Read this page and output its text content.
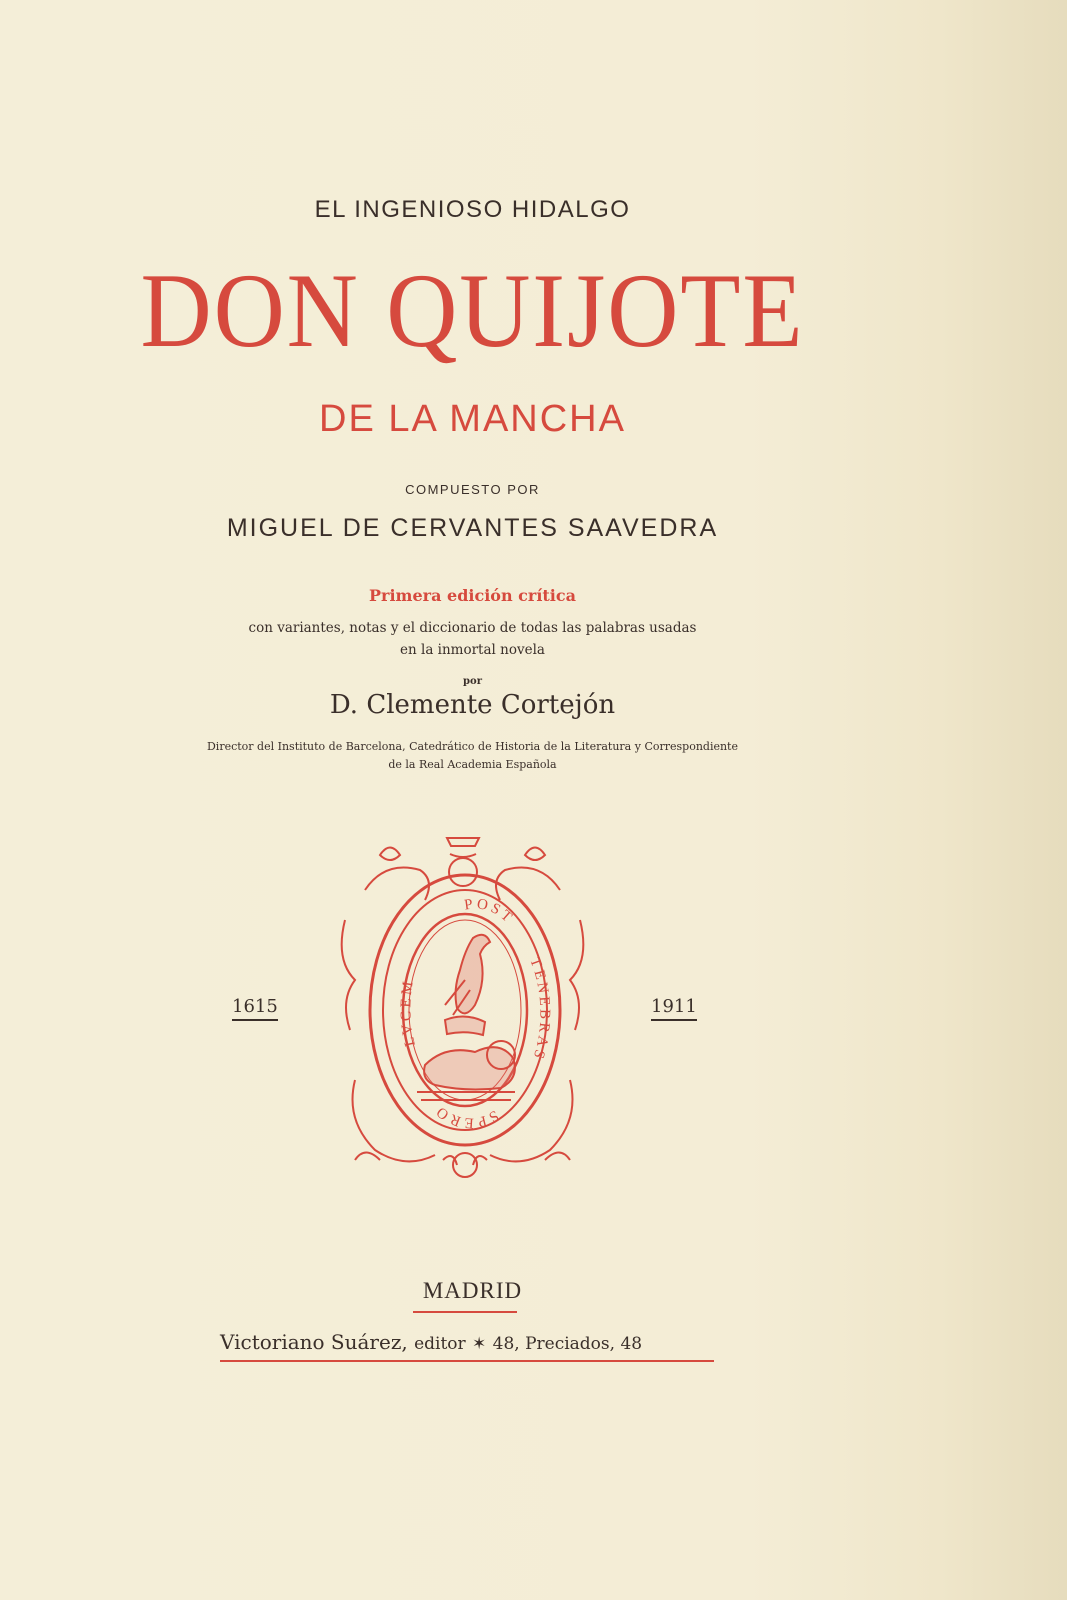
EL INGENIOSO HIDALGO
DON QUIJOTE
DE LA MANCHA
COMPUESTO POR
MIGUEL DE CERVANTES SAAVEDRA
Primera edición crítica
con variantes, notas y el diccionario de todas las palabras usadas
en la inmortal novela
por
D. Clemente Cortejón
Director del Instituto de Barcelona, Catedrático de Historia de la Literatura y Correspondiente
de la Real Academia Española
1615	1911
LVCEM
POST
TENEBRAS
SPERO
MADRID
Victoriano Suárez, editor ✶ 48, Preciados, 48
